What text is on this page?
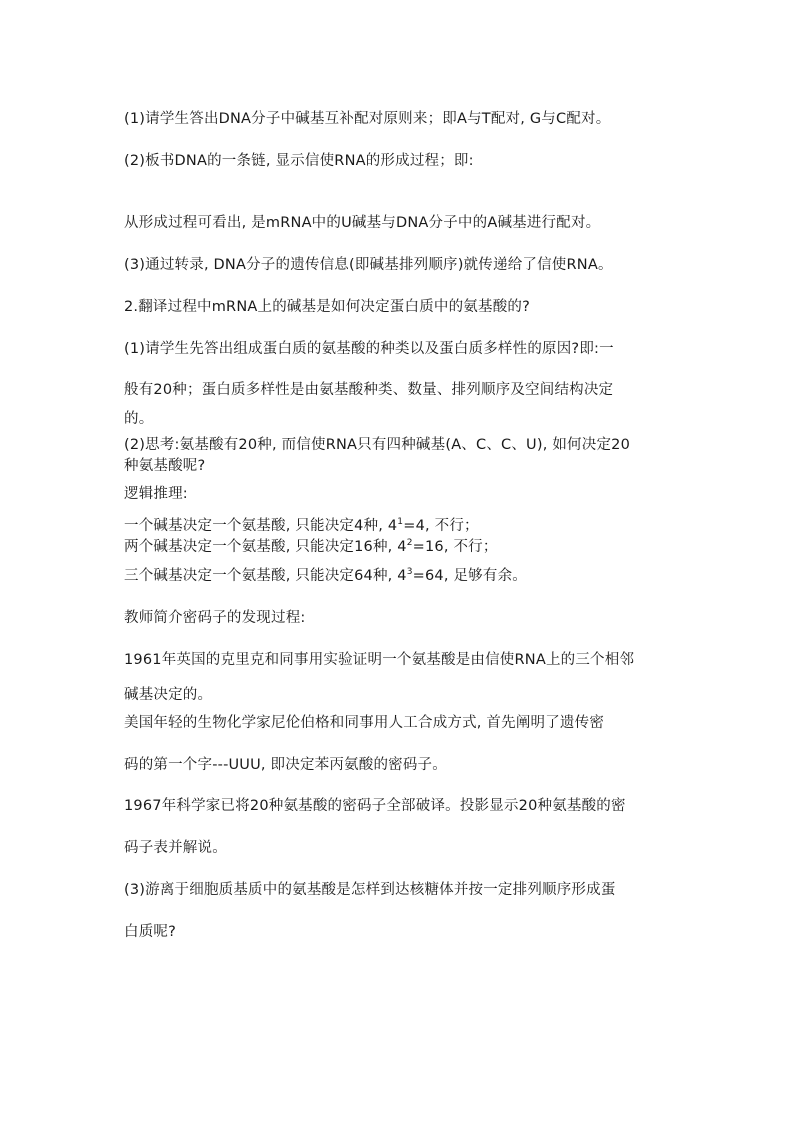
(1)请学生答出DNA分子中碱基互补配对原则来；即A与T配对, G与C配对。
(2)板书DNA的一条链, 显示信使RNA的形成过程；即:
从形成过程可看出, 是mRNA中的U碱基与DNA分子中的A碱基进行配对。
(3)通过转录, DNA分子的遗传信息(即碱基排列顺序)就传递给了信使RNA。
2.翻译过程中mRNA上的碱基是如何决定蛋白质中的氨基酸的?
(1)请学生先答出组成蛋白质的氨基酸的种类以及蛋白质多样性的原因?即:一
般有20种；蛋白质多样性是由氨基酸种类、数量、排列顺序及空间结构决定
的。
(2)思考:氨基酸有20种, 而信使RNA只有四种碱基(A、C、C、U), 如何决定20
种氨基酸呢?
逻辑推理:
一个碱基决定一个氨基酸, 只能决定4种, $4^1=4$, 不行；
两个碱基决定一个氨基酸, 只能决定16种, $4^2=16$, 不行；
三个碱基决定一个氨基酸, 只能决定64种, $4^3=64$, 足够有余。
教师简介密码子的发现过程:
1961年英国的克里克和同事用实验证明一个氨基酸是由信使RNA上的三个相邻
碱基决定的。
美国年轻的生物化学家尼伦伯格和同事用人工合成方式, 首先阐明了遗传密
码的第一个字---UUU, 即决定苯丙氨酸的密码子。
1967年科学家已将20种氨基酸的密码子全部破译。投影显示20种氨基酸的密
码子表并解说。
(3)游离于细胞质基质中的氨基酸是怎样到达核糖体并按一定排列顺序形成蛋
白质呢?
